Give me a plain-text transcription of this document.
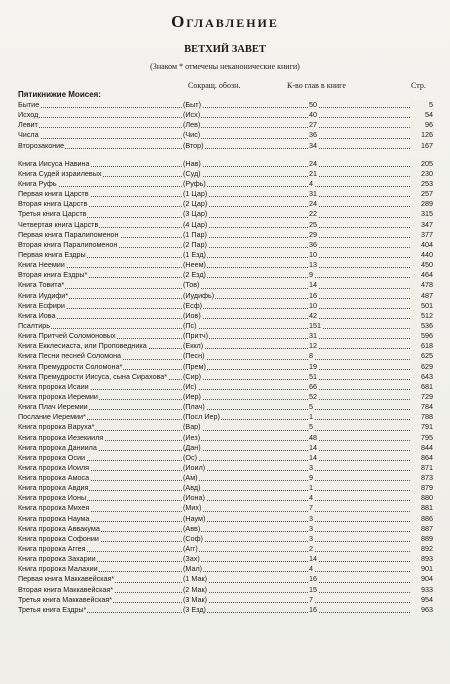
Оглавление
ВЕТХИЙ ЗАВЕТ
(Знаком * отмечены неканонические книги)
Сокращ. обозн.	К-во глав в книге	Стр.
Пятикнижие Моисея:
Бытие	(Быт)	50	5
Исход	(Исх)	40	54
Левит	(Лев)	27	96
Числа	(Чис)	36	126
Второзаконие	(Втор)	34	167
Книга Иисуса Навина	(Нав)	24	205
Книга Судей израилевых	(Суд)	21	230
Книга Руфь	(Руфь)	4	253
Первая книга Царств	(1 Цар)	31	257
Вторая книга Царств	(2 Цар)	24	289
Третья книга Царств	(3 Цар)	22	315
Четвертая книга Царств	(4 Цар)	25	347
Первая книга Паралипоменон	(1 Пар)	29	377
Вторая книга Паралипоменон	(2 Пар)	36	404
Первая книга Ездры	(1 Езд)	10	440
Книга Неемии	(Неем)	13	450
Вторая книга Ездры*	(2 Езд)	9	464
Книга Товита*	(Тов)	14	478
Книга Иудифи*	(Иудифь)	16	487
Книга Есфири	(Есф)	10	501
Книга Иова	(Иов)	42	512
Псалтирь	(Пс)	151	536
Книга Притчей Соломоновых	(Притч)	31	596
Книга Екклесиаста, или Проповедника	(Еккл)	12	618
Книга Песни песней Соломона	(Песн)	8	625
Книга Премудрости Соломона*	(Прем)	19	629
Книга Премудрости Иисуса, сына Сирахова* (Сир)	51	643
Книга пророка Исаии	(Ис)	66	681
Книга пророка Иеремии	(Иер)	52	729
Книга Плач Иеремии	(Плач)	5	784
Послание Иеремии*	(Посл Иер)	1	788
Книга пророка Варуха*	(Вар)	5	791
Книга пророка Иезекииля	(Иез)	48	795
Книга пророка Даниила	(Дан)	14	844
Книга пророка Осии	(Ос)	14	864
Книга пророка Иоиля	(Иоил)	3	871
Книга пророка Амоса	(Ам)	9	873
Книга пророка Авдия	(Авд)	1	879
Книга пророка Ионы	(Иона)	4	880
Книга пророка Михея	(Мих)	7	881
Книга пророка Наума	(Наум)	3	886
Книга пророка Аввакума	(Авв)	3	887
Книга пророка Софонии	(Соф)	3	889
Книга пророка Аггея	(Агг)	2	892
Книга пророка Захарии	(Зах)	14	893
Книга пророка Малахии	(Мал)	4	901
Первая книга Маккавейская*	(1 Мак)	16	904
Вторая книга Маккавейская*	(2 Мак)	15	933
Третья книга Маккавейская*	(3 Мак)	7	954
Третья книга Ездры*	(3 Езд)	16	963
